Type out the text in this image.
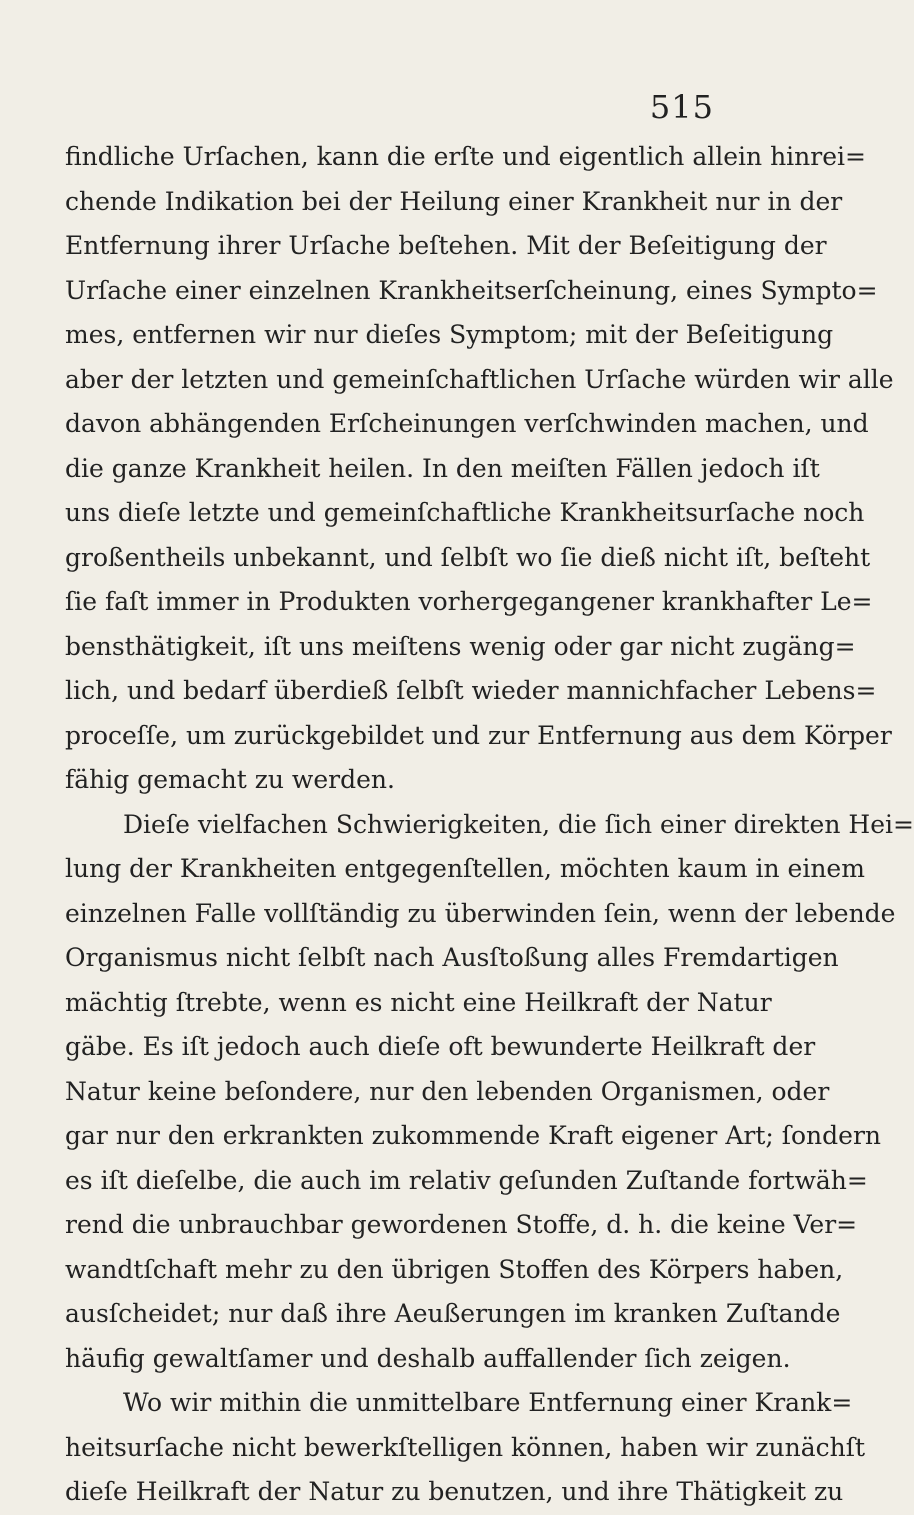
515
findliche Urſachen, kann die erſte und eigentlich allein hinrei=
chende Indikation bei der Heilung einer Krankheit nur in der
Entfernung ihrer Urſache beſtehen. Mit der Beſeitigung der
Urſache einer einzelnen Krankheitserſcheinung, eines Sympto=
mes, entfernen wir nur dieſes Symptom; mit der Beſeitigung
aber der letzten und gemeinſchaftlichen Urſache würden wir alle
davon abhängenden Erſcheinungen verſchwinden machen, und
die ganze Krankheit heilen. In den meiſten Fällen jedoch iſt
uns dieſe letzte und gemeinſchaftliche Krankheitsurſache noch
großentheils unbekannt, und ſelbſt wo ſie dieß nicht iſt, beſteht
ſie faſt immer in Produkten vorhergegangener krankhafter Le=
bensthätigkeit, iſt uns meiſtens wenig oder gar nicht zugäng=
lich, und bedarf überdieß ſelbſt wieder mannichfacher Lebens=
proceſſe, um zurückgebildet und zur Entfernung aus dem Körper
fähig gemacht zu werden.
Dieſe vielfachen Schwierigkeiten, die ſich einer direkten Hei=
lung der Krankheiten entgegenſtellen, möchten kaum in einem
einzelnen Falle vollſtändig zu überwinden ſein, wenn der lebende
Organismus nicht ſelbſt nach Ausſtoßung alles Fremdartigen
mächtig ſtrebte, wenn es nicht eine Heilkraft der Natur
gäbe. Es iſt jedoch auch dieſe oft bewunderte Heilkraft der
Natur keine beſondere, nur den lebenden Organismen, oder
gar nur den erkrankten zukommende Kraft eigener Art; ſondern
es iſt dieſelbe, die auch im relativ geſunden Zuſtande fortwäh=
rend die unbrauchbar gewordenen Stoffe, d. h. die keine Ver=
wandtſchaft mehr zu den übrigen Stoffen des Körpers haben,
ausſcheidet; nur daß ihre Aeußerungen im kranken Zuſtande
häufig gewaltſamer und deshalb auffallender ſich zeigen.
Wo wir mithin die unmittelbare Entfernung einer Krank=
heitsurſache nicht bewerkſtelligen können, haben wir zunächſt
dieſe Heilkraft der Natur zu benutzen, und ihre Thätigkeit zu
